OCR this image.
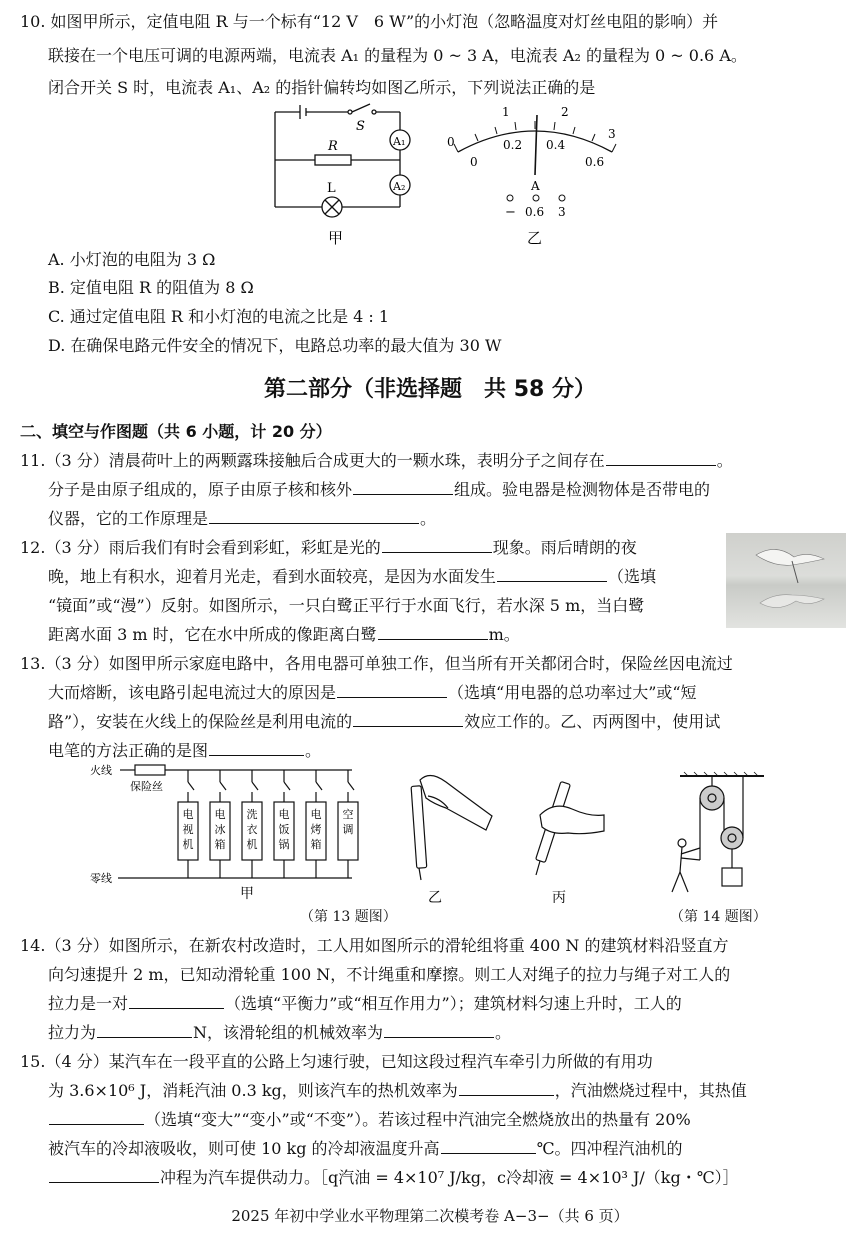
10. 如图甲所示，定值电阻 R 与一个标有“12 V　6 W”的小灯泡（忽略温度对灯丝电阻的影响）并
联接在一个电压可调的电源两端，电流表 A₁ 的量程为 0 ~ 3 A，电流表 A₂ 的量程为 0 ~ 0.6 A。
闭合开关 S 时，电流表 A₁、A₂ 的指针偏转均如图乙所示，下列说法正确的是
S
A₁
R
A₂
L
甲
0
1	2
3
0
0.2 0.4
0.6
A
− 0.6 3
乙
A. 小灯泡的电阻为 3 Ω
B. 定值电阻 R 的阻值为 8 Ω
C. 通过定值电阻 R 和小灯泡的电流之比是 4 : 1
D. 在确保电路元件安全的情况下，电路总功率的最大值为 30 W
第二部分（非选择题　共 58 分）
二、填空与作图题（共 6 小题，计 20 分）
11.（3 分）清晨荷叶上的两颗露珠接触后合成更大的一颗水珠，表明分子之间存在	。
分子是由原子组成的，原子由原子核和核外	组成。验电器是检测物体是否带电的
仪器，它的工作原理是	。
12.（3 分）雨后我们有时会看到彩虹，彩虹是光的	现象。雨后晴朗的夜
晚，地上有积水，迎着月光走，看到水面较亮，是因为水面发生	（选填
“镜面”或“漫”）反射。如图所示，一只白鹭正平行于水面飞行，若水深 5 m，当白鹭
距离水面 3 m 时，它在水中所成的像距离白鹭	m。
13.（3 分）如图甲所示家庭电路中，各用电器可单独工作，但当所有开关都闭合时，保险丝因电流过
大而熔断，该电路引起电流过大的原因是	（选填“用电器的总功率过大”或“短
路”），安装在火线上的保险丝是利用电流的	效应工作的。乙、丙两图中，使用试
电笔的方法正确的是图	。
火线
保险丝
零线
电视机
电冰箱
洗衣机
电饭锅
电烤箱
空调
甲	乙	丙
（第 13 题图）	（第 14 题图）
14.（3 分）如图所示，在新农村改造时，工人用如图所示的滑轮组将重 400 N 的建筑材料沿竖直方
向匀速提升 2 m，已知动滑轮重 100 N，不计绳重和摩擦。则工人对绳子的拉力与绳子对工人的
拉力是一对	（选填“平衡力”或“相互作用力”）；建筑材料匀速上升时，工人的
拉力为	N，该滑轮组的机械效率为	。
15.（4 分）某汽车在一段平直的公路上匀速行驶，已知这段过程汽车牵引力所做的有用功
为 3.6×10⁶ J，消耗汽油 0.3 kg，则该汽车的热机效率为	，汽油燃烧过程中，其热值
（选填“变大”“变小”或“不变”）。若该过程中汽油完全燃烧放出的热量有 20%
被汽车的冷却液吸收，则可使 10 kg 的冷却液温度升高	℃。四冲程汽油机的
冲程为汽车提供动力。［q汽油 = 4×10⁷ J/kg，c冷却液 = 4×10³ J/（kg・℃）］
2025 年初中学业水平物理第二次模考卷 A−3−（共 6 页）
